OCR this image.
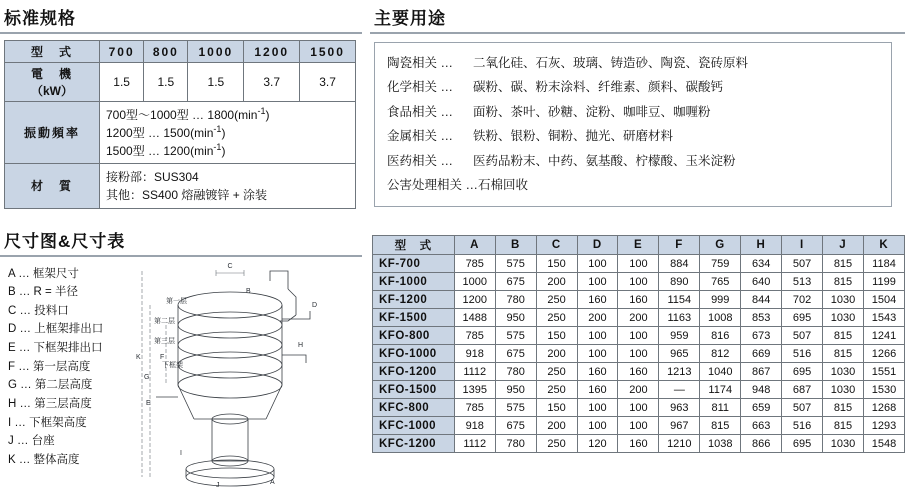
标准规格
型　式	700	800	1000	1200	1500

電　機
（kW）	1.5	1.5	1.5	3.7	3.7
振動頻率	700型～1000型 … $1800(\min^{-1})$
1200型 … $1500(\min^{-1})$
1500型 … $1200(\min^{-1})$				

材　質	接粉部：SUS304
其他：SS400 熔融镀锌 + 涂装				
尺寸图&尺寸表
A … 框架尺寸
B … R = 半径
C … 投料口
D … 上框架排出口
E … 下框架排出口
F … 第一层高度
G … 第二层高度
H … 第三层高度
I … 下框架高度
J … 台座
K … 整体高度
C
B
D
E
F
G
K
I
J	A
H
第一层
第二层
第三层
下框架
主要用途
陶瓷相关 … 二氧化硅、石灰、玻璃、铸造砂、陶瓷、瓷砖原料
化学相关 … 碳粉、碳、粉末涂料、纤维素、颜料、碳酸钙
食品相关 … 面粉、茶叶、砂糖、淀粉、咖啡豆、咖喱粉
金属相关 … 铁粉、银粉、铜粉、抛光、研磨材料
医药相关 … 医药品粉末、中药、氨基酸、柠檬酸、玉米淀粉
公害处理相关 …石棉回收
型　式	A	B	C	D	E	F	G	H	I	J	K
KF-700	785	575	150	100	100	884	759	634	507	815	1184
KF-1000	1000	675	200	100	100	890	765	640	513	815	1199
KF-1200	1200	780	250	160	160	1154	999	844	702	1030	1504
KF-1500	1488	950	250	200	200	1163	1008	853	695	1030	1543
KFO-800	785	575	150	100	100	959	816	673	507	815	1241
KFO-1000	918	675	200	100	100	965	812	669	516	815	1266
KFO-1200	1112	780	250	160	160	1213	1040	867	695	1030	1551
KFO-1500	1395	950	250	160	200	—	1174	948	687	1030	1530
KFC-800	785	575	150	100	100	963	811	659	507	815	1268
KFC-1000	918	675	200	100	100	967	815	663	516	815	1293
KFC-1200	1112	780	250	120	160	1210	1038	866	695	1030	1548
